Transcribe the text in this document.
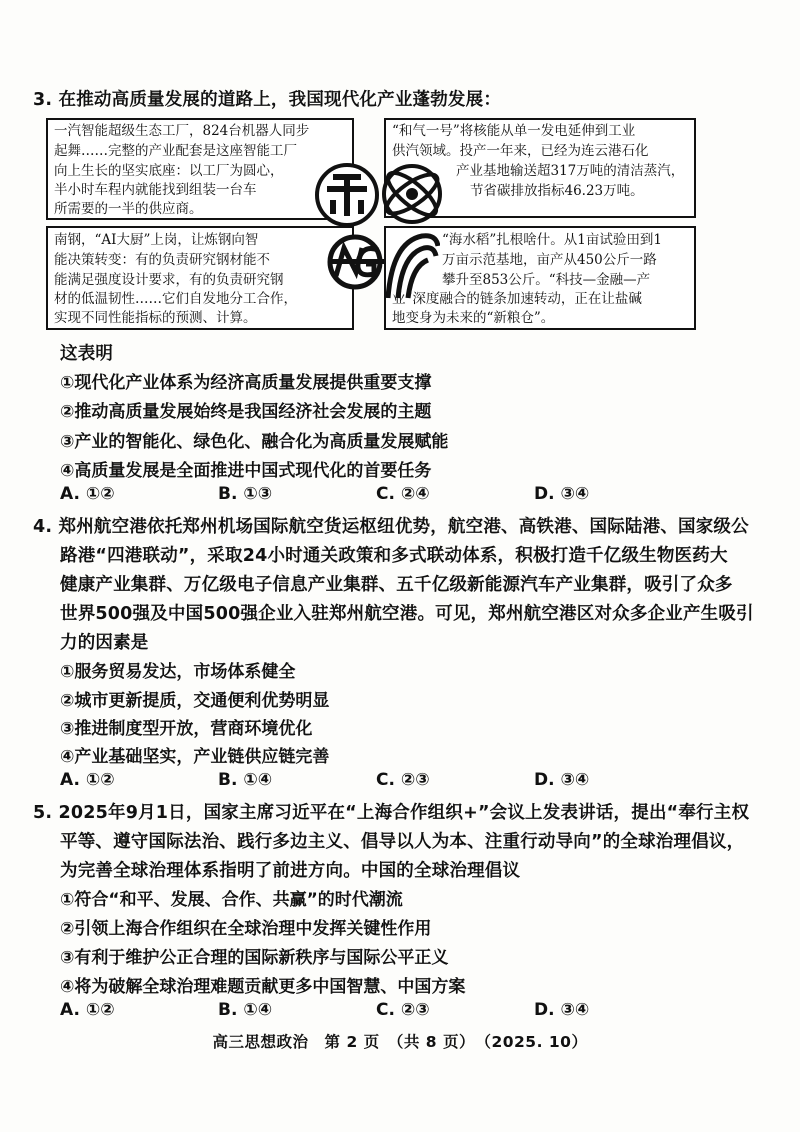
3. 在推动高质量发展的道路上，我国现代化产业蓬勃发展：
一汽智能超级生态工厂，824台机器人同步
起舞……完整的产业配套是这座智能工厂
向上生长的坚实底座：以工厂为圆心，
半小时车程内就能找到组装一台车
所需要的一半的供应商。
“和气一号”将核能从单一发电延伸到工业
供汽领域。投产一年来，已经为连云港石化
产业基地输送超317万吨的清洁蒸汽，
节省碳排放指标46.23万吨。
南钢，“AI大厨”上岗，让炼钢向智
能决策转变：有的负责研究钢材能不
能满足强度设计要求，有的负责研究钢
材的低温韧性……它们自发地分工合作，
实现不同性能指标的预测、计算。
“海水稻”扎根啥什。从1亩试验田到1
万亩示范基地，亩产从450公斤一路
攀升至853公斤。“科技—金融—产
业”深度融合的链条加速转动，正在让盐碱
地变身为未来的“新粮仓”。
这表明
①现代化产业体系为经济高质量发展提供重要支撑
②推动高质量发展始终是我国经济社会发展的主题
③产业的智能化、绿色化、融合化为高质量发展赋能
④高质量发展是全面推进中国式现代化的首要任务
A. ①②	B. ①③	C. ②④	D. ③④
4. 郑州航空港依托郑州机场国际航空货运枢纽优势，航空港、高铁港、国际陆港、国家级公
路港“四港联动”，采取24小时通关政策和多式联动体系，积极打造千亿级生物医药大
健康产业集群、万亿级电子信息产业集群、五千亿级新能源汽车产业集群，吸引了众多
世界500强及中国500强企业入驻郑州航空港。可见，郑州航空港区对众多企业产生吸引
力的因素是
①服务贸易发达，市场体系健全
②城市更新提质，交通便利优势明显
③推进制度型开放，营商环境优化
④产业基础坚实，产业链供应链完善
A. ①②	B. ①④	C. ②③	D. ③④
5. 2025年9月1日，国家主席习近平在“上海合作组织+”会议上发表讲话，提出“奉行主权
平等、遵守国际法治、践行多边主义、倡导以人为本、注重行动导向”的全球治理倡议，
为完善全球治理体系指明了前进方向。中国的全球治理倡议
①符合“和平、发展、合作、共赢”的时代潮流
②引领上海合作组织在全球治理中发挥关键性作用
③有利于维护公正合理的国际新秩序与国际公平正义
④将为破解全球治理难题贡献更多中国智慧、中国方案
A. ①②	B. ①④	C. ②③	D. ③④
高三思想政治　第 2 页　（共 8 页）　（2025. 10）
